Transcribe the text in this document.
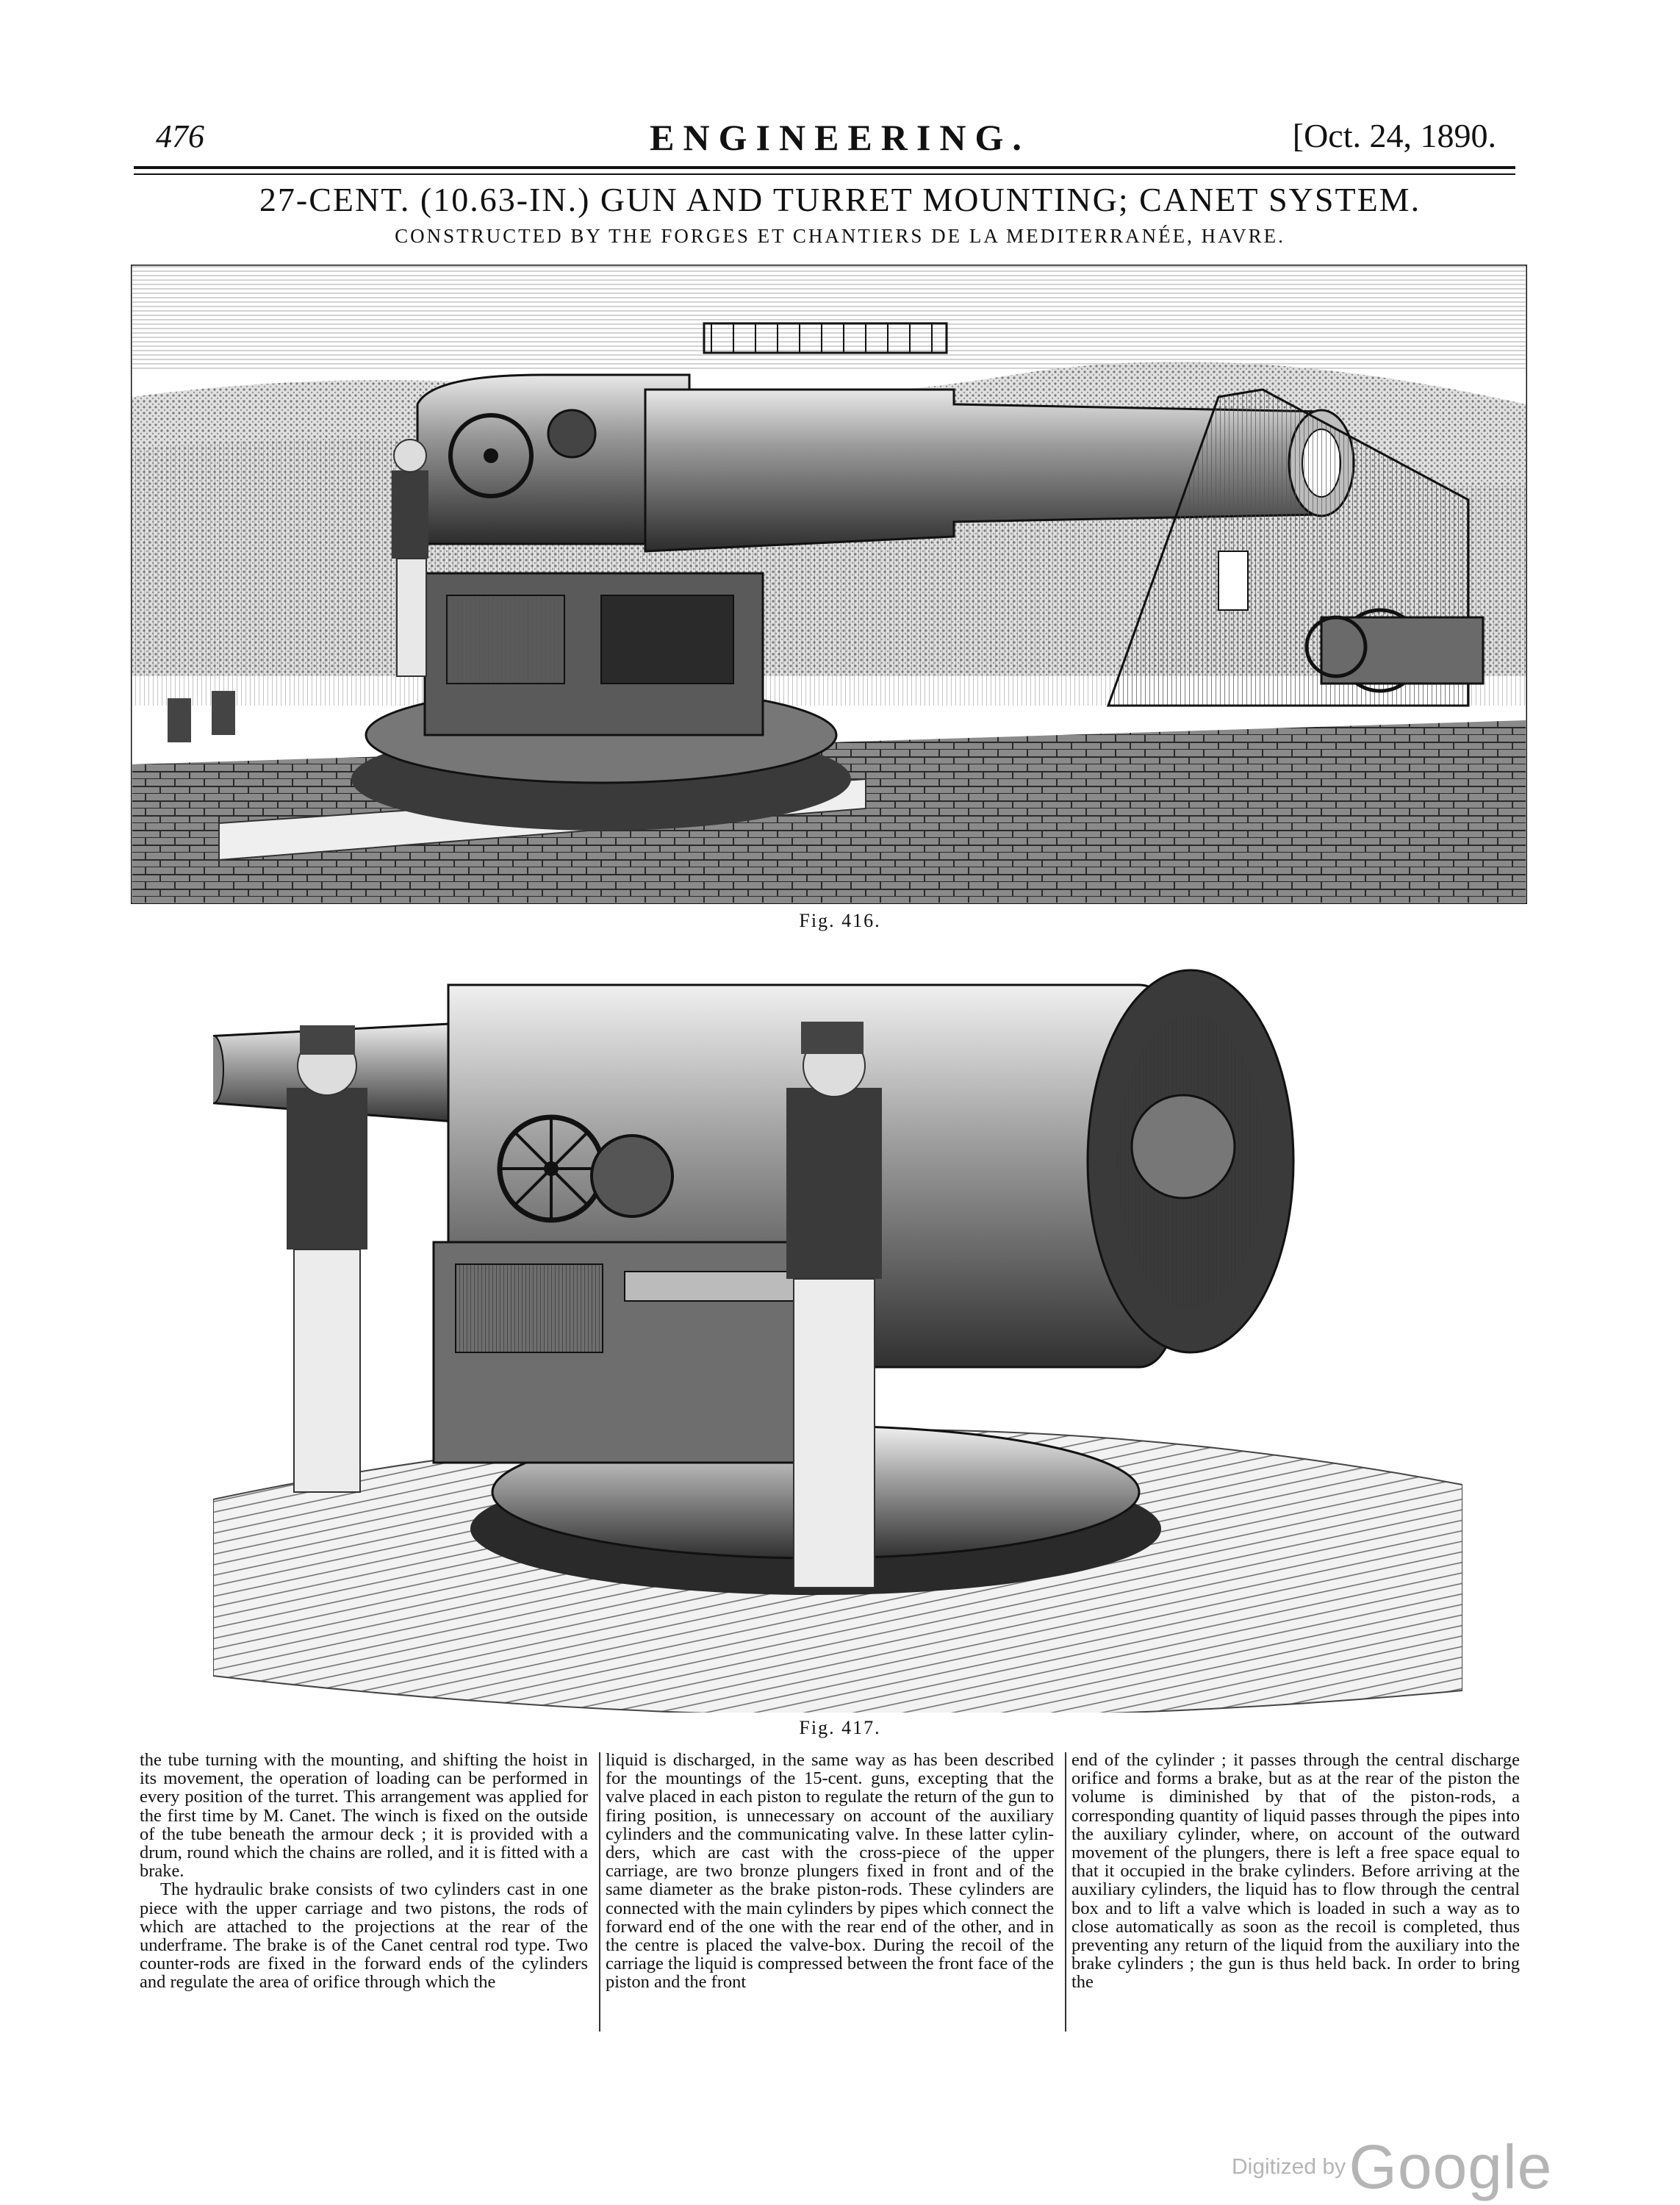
476	ENGINEERING.	[Oct. 24, 1890.
27-CENT. (10.63-IN.) GUN AND TURRET MOUNTING; CANET SYSTEM.
CONSTRUCTED BY THE FORGES ET CHANTIERS DE LA MEDITERRANÉE, HAVRE.
Fig. 416.
Fig. 417.

the tube turning with the mounting, and shifting the hoist in its movement, the operation of loading can be performed in every position of the turret. This arrangement was applied for the first time by M. Canet. The winch is fixed on the outside of the tube beneath the armour deck ; it is provided with a drum, round which the chains are rolled, and it is fitted with a brake.

The hydraulic brake consists of two cylinders cast in one piece with the upper carriage and two pistons, the rods of which are attached to the projections at the rear of the underframe. The brake is of the Canet central rod type. Two counter-rods are fixed in the forward ends of the cylinders and regulate the area of orifice through which the

liquid is discharged, in the same way as has been described for the mountings of the 15-cent. guns, excepting that the valve placed in each piston to regulate the return of the gun to firing position, is unnecessary on account of the auxiliary cylinders and the communicating valve. In these latter cylinders, which are cast with the cross-piece of the upper carriage, are two bronze plungers fixed in front and of the same diameter as the brake piston-rods. These cylinders are connected with the main cylinders by pipes which connect the forward end of the one with the rear end of the other, and in the centre is placed the valve-box. During the recoil of the carriage the liquid is compressed between the front face of the piston and the front

end of the cylinder ; it passes through the central discharge orifice and forms a brake, but as at the rear of the piston the volume is diminished by that of the piston-rods, a corresponding quantity of liquid passes through the pipes into the auxiliary cylinder, where, on account of the outward movement of the plungers, there is left a free space equal to that it occupied in the brake cylinders. Before arriving at the auxiliary cylinders, the liquid has to flow through the central box and to lift a valve which is loaded in such a way as to close automatically as soon as the recoil is completed, thus preventing any return of the liquid from the auxiliary into the brake cylinders ; the gun is thus held back. In order to bring the

Digitized by Google
